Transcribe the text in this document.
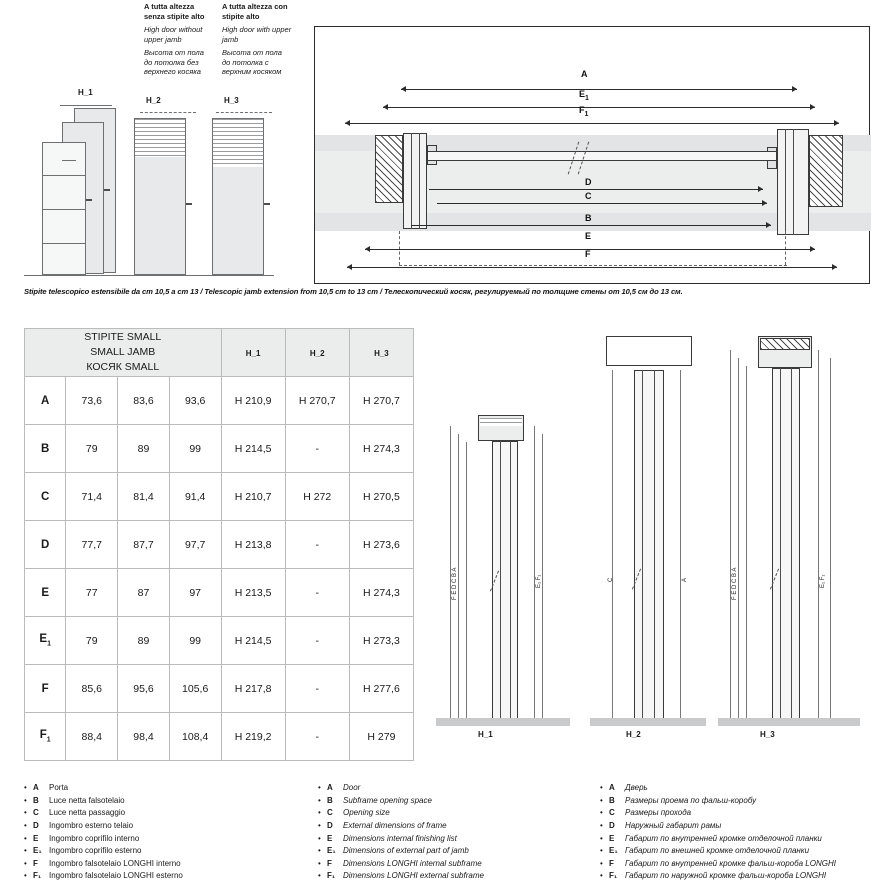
A tutta altezza senza stipite alto
High door without upper jamb
Высота от пола до потолка без верхнего косяка
A tutta altezza con stipite alto
High door with upper jamb
Высота от пола до потолка с верхним косяком
H_1
H_2	H_3
A
$E_1$
$F_1$
D
C
B
E
F
Stipite telescopico estensibile da cm 10,5 a cm 13 / Telescopic jamb extension from 10,5 cm to 13 cm / Телескопический косяк, регулируемый по толщине стены от 10,5 см до 13 см.
STIPITE SMALL
SMALL JAMB
КОСЯК SMALL				H_1	H_2	H_3
A	73,6	83,6	93,6	H 210,9	H 270,7	H 270,7
B	79	89	99	H 214,5	-	H 274,3
C	71,4	81,4	91,4	H 210,7	H 272	H 270,5
D	77,7	87,7	97,7	H 213,8	-	H 273,6
E	77	87	97	H 213,5	-	H 274,3
$E_1$	79	89	99	H 214,5	-	H 273,3
F	85,6	95,6	105,6	H 217,8	-	H 277,6
$F_1$	88,4	98,4	108,4	H 219,2	-	H 279
F E D C B A	E₁ F₁
H_1
C	A
H_2
F E D C B A	E₁ F₁
H_3
• A Porta
• B Luce netta falsotelaio
• C Luce netta passaggio
• D Ingombro esterno telaio
• E Ingombro coprifilo interno
• E₁ Ingombro coprifilo esterno
• F Ingombro falsotelaio LONGHI interno
• F₁ Ingombro falsotelaio LONGHI esterno
• A Door
• B Subframe opening space
• C Opening size
• D External dimensions of frame
• E Dimensions internal finishing list
• E₁ Dimensions of external part of jamb
• F Dimensions LONGHI internal subframe
• F₁ Dimensions LONGHI external subframe
• A Дверь
• B Размеры проема по фальш-коробу
• C Размеры прохода
• D Наружный габарит рамы
• E Габарит по внутренней кромке отделочной планки
• E₁ Габарит по внешней кромке отделочной планки
• F Габарит по внутренней кромке фальш-короба LONGHI
• F₁ Габарит по наружной кромке фальш-короба LONGHI
